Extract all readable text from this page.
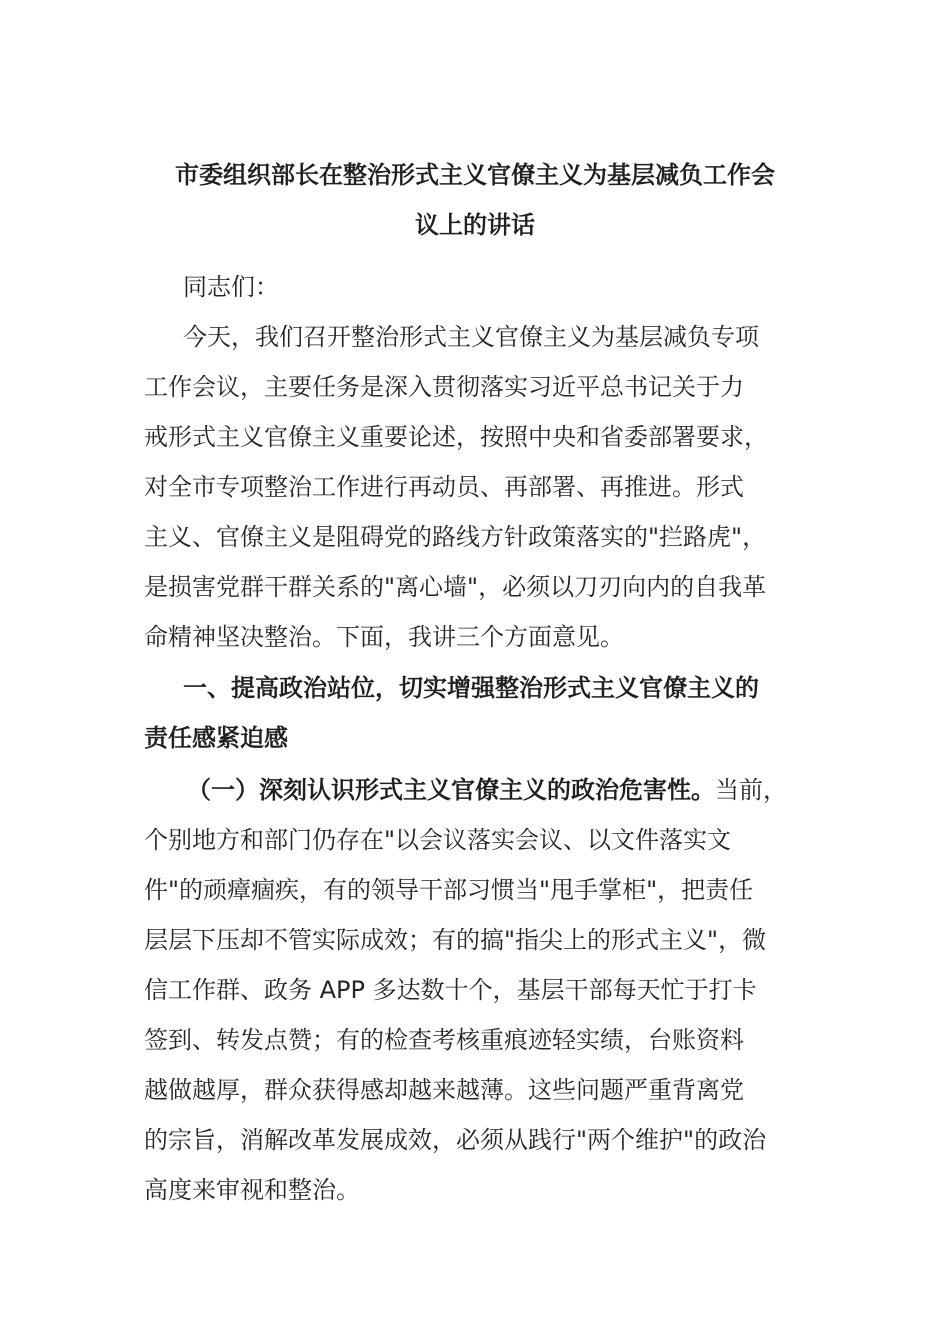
市委组织部长在整治形式主义官僚主义为基层减负工作会
议上的讲话
同志们：
今天，我们召开整治形式主义官僚主义为基层减负专项
工作会议，主要任务是深入贯彻落实习近平总书记关于力
戒形式主义官僚主义重要论述，按照中央和省委部署要求，
对全市专项整治工作进行再动员、再部署、再推进。形式
主义、官僚主义是阻碍党的路线方针政策落实的"拦路虎"，
是损害党群干群关系的"离心墙"，必须以刀刃向内的自我革
命精神坚决整治。下面，我讲三个方面意见。
一、提高政治站位，切实增强整治形式主义官僚主义的
责任感紧迫感
（一）深刻认识形式主义官僚主义的政治危害性。当前，
个别地方和部门仍存在"以会议落实会议、以文件落实文
件"的顽瘴痼疾，有的领导干部习惯当"甩手掌柜"，把责任
层层下压却不管实际成效；有的搞"指尖上的形式主义"，微
信工作群、政务 APP 多达数十个，基层干部每天忙于打卡
签到、转发点赞；有的检查考核重痕迹轻实绩，台账资料
越做越厚，群众获得感却越来越薄。这些问题严重背离党
的宗旨，消解改革发展成效，必须从践行"两个维护"的政治
高度来审视和整治。
